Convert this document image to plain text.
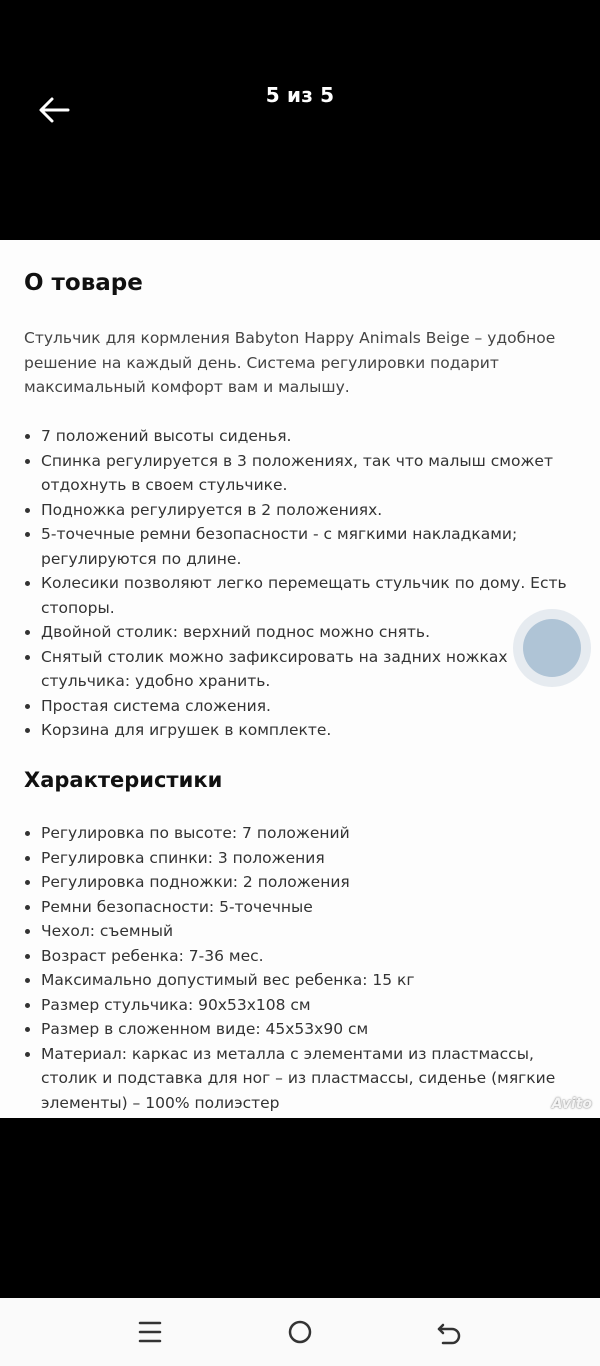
5 из 5
О товаре
Стульчик для кормления Babyton Happy Animals Beige – удобное решение на каждый день. Система регулировки подарит максимальный комфорт вам и малышу.
7 положений высоты сиденья.
Спинка регулируется в 3 положениях, так что малыш сможет отдохнуть в своем стульчике.
Подножка регулируется в 2 положениях.
5-точечные ремни безопасности - с мягкими накладками; регулируются по длине.
Колесики позволяют легко перемещать стульчик по дому. Есть стопоры.
Двойной столик: верхний поднос можно снять.
Снятый столик можно зафиксировать на задних ножках стульчика: удобно хранить.
Простая система сложения.
Корзина для игрушек в комплекте.
Характеристики
Регулировка по высоте: 7 положений
Регулировка спинки: 3 положения
Регулировка подножки: 2 положения
Ремни безопасности: 5-точечные
Чехол: съемный
Возраст ребенка: 7-36 мес.
Максимально допустимый вес ребенка: 15 кг
Размер стульчика: 90x53x108 см
Размер в сложенном виде: 45x53x90 см
Материал: каркас из металла с элементами из пластмассы, столик и подставка для ног – из пластмассы, сиденье (мягкие элементы) – 100% полиэстер	Avito
